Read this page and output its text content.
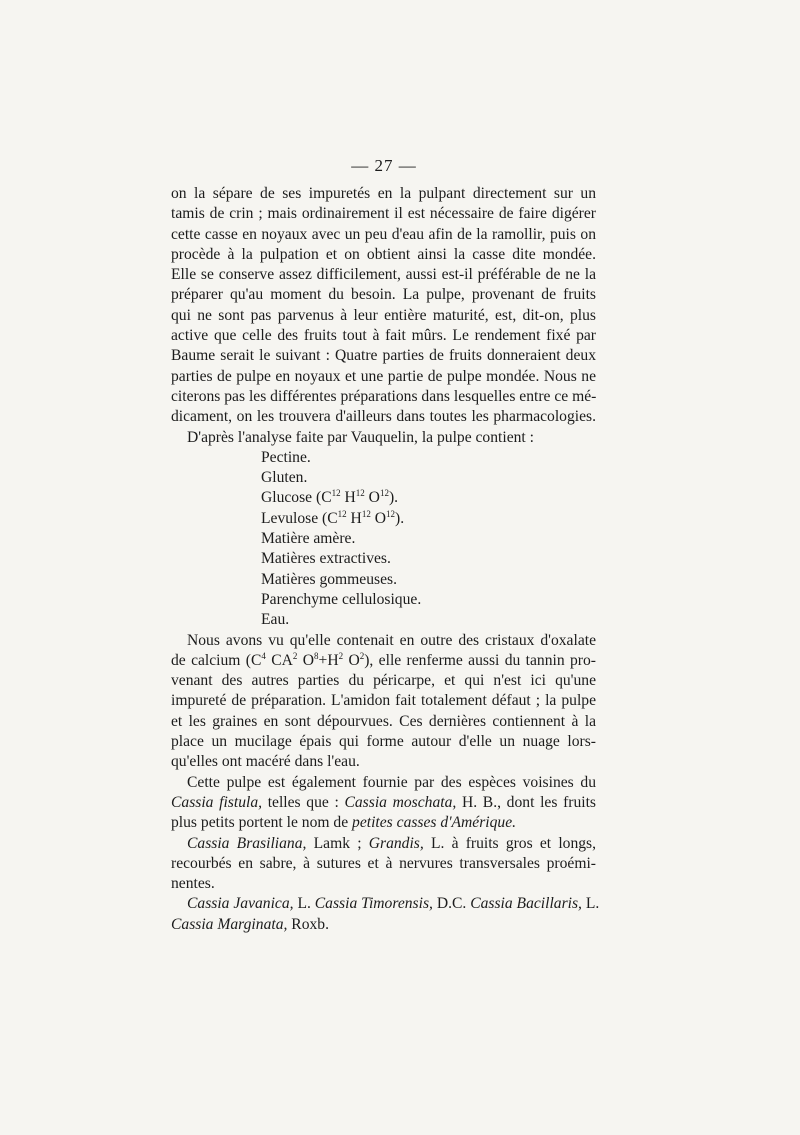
— 27 —
on la sépare de ses impuretés en la pulpant directement sur un
tamis de crin ; mais ordinairement il est nécessaire de faire digérer
cette casse en noyaux avec un peu d'eau afin de la ramollir, puis on
procède à la pulpation et on obtient ainsi la casse dite mondée.
Elle se conserve assez difficilement, aussi est-il préférable de ne la
préparer qu'au moment du besoin. La pulpe, provenant de fruits
qui ne sont pas parvenus à leur entière maturité, est, dit-on, plus
active que celle des fruits tout à fait mûrs. Le rendement fixé par
Baume serait le suivant : Quatre parties de fruits donneraient deux
parties de pulpe en noyaux et une partie de pulpe mondée. Nous ne
citerons pas les différentes préparations dans lesquelles entre ce mé-
dicament, on les trouvera d'ailleurs dans toutes les pharmacologies.
D'après l'analyse faite par Vauquelin, la pulpe contient :
Pectine.
Gluten.
Glucose ($C^{12}$ $H^{12}$ $O^{12}$).
Levulose ($C^{12}$ $H^{12}$ $O^{12}$).
Matière amère.
Matières extractives.
Matières gommeuses.
Parenchyme cellulosique.
Eau.
Nous avons vu qu'elle contenait en outre des cristaux d'oxalate
de calcium ($C^4$ $CA^2$ $O^8+H^2$ $O^2$), elle renferme aussi du tannin pro-
venant des autres parties du péricarpe, et qui n'est ici qu'une
impureté de préparation. L'amidon fait totalement défaut ; la pulpe
et les graines en sont dépourvues. Ces dernières contiennent à la
place un mucilage épais qui forme autour d'elle un nuage lors-
qu'elles ont macéré dans l'eau.
Cette pulpe est également fournie par des espèces voisines du
Cassia fistula, telles que : Cassia moschata, H. B., dont les fruits
plus petits portent le nom de petites casses d'Amérique.
Cassia Brasiliana, Lamk ; Grandis, L. à fruits gros et longs,
recourbés en sabre, à sutures et à nervures transversales proémi-
nentes.
Cassia Javanica, L. Cassia Timorensis, D.C. Cassia Bacillaris, L.
Cassia Marginata, Roxb.
